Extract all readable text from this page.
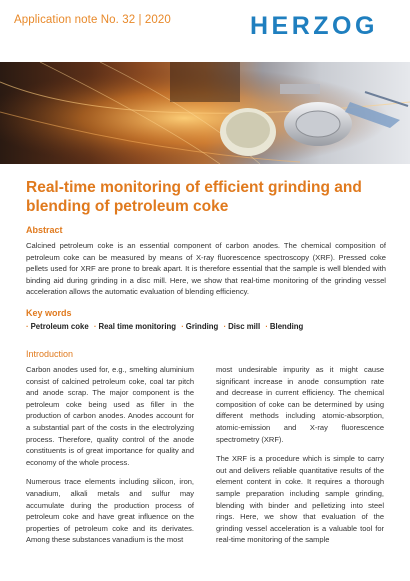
Application note No. 32 | 2020	HERZOG
Real-time monitoring of efficient grinding and blending of petroleum coke
Abstract
Calcined petroleum coke is an essential component of carbon anodes. The chemical composition of petroleum coke can be measured by means of X-ray fluorescence spectroscopy (XRF). Pressed coke pellets used for XRF are prone to break apart. It is therefore essential that the sample is well blended with binding aid during grinding in a disc mill. Here, we show that real-time monitoring of the grinding vessel acceleration allows the automatic evaluation of blending efficiency.
Key words
· Petroleum coke · Real time monitoring · Grinding · Disc mill · Blending
Introduction

Carbon anodes used for, e.g., smelting aluminium consist of calcined petroleum coke, coal tar pitch and anode scrap. The major component is the petroleum coke being used as filler in the production of carbon anodes. Anodes account for a substantial part of the costs in the electrolyzing process. Therefore, quality control of the anode constituents is of great importance for quality and economy of the whole process.

Numerous trace elements including silicon, iron, vanadium, alkali metals and sulfur may accumulate during the production process of petroleum coke and have great influence on the properties of petroleum coke and its derivates. Among these substances vanadium is the most

most undesirable impurity as it might cause significant increase in anode consumption rate and decrease in current efficiency. The chemical composition of coke can be determined by using different methods including atomic-absorption, atomic-emission and X-ray fluorescence spectrometry (XRF).

The XRF is a procedure which is simple to carry out and delivers reliable quantitative results of the element content in coke. It requires a thorough sample preparation including sample grinding, blending with binder and pelletizing into steel rings. Here, we show that evaluation of the grinding vessel acceleration is a valuable tool for real-time monitoring of the sample
